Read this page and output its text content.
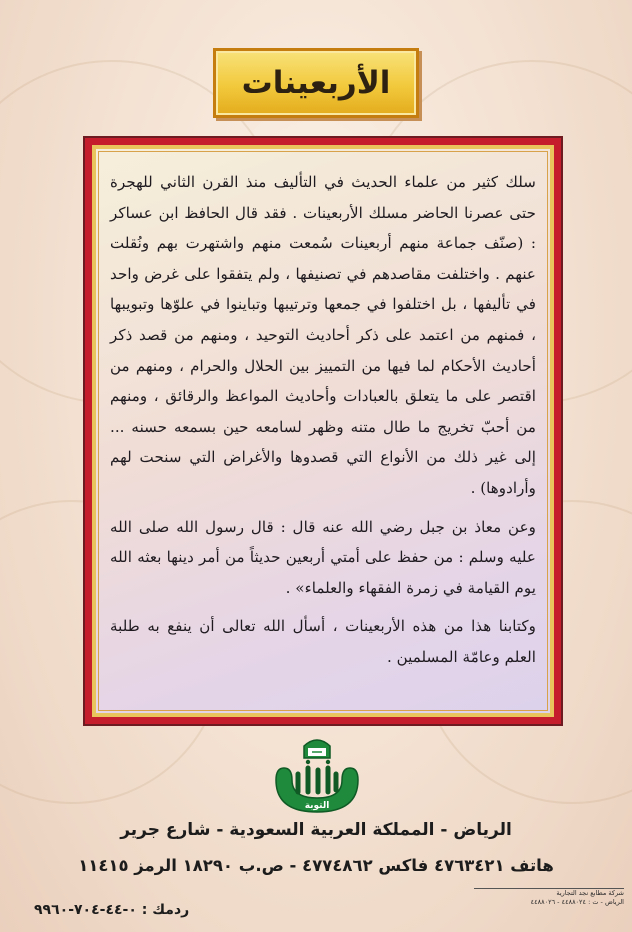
الأربعينات

سلك كثير من علماء الحديث في التأليف منذ القرن الثاني للهجرة حتى عصرنا الحاضر مسلك الأربعينات . فقد قال الحافظ ابن عساكر : (صنّف جماعة منهم أربعينات سُمعت منهم واشتهرت بهم ونُقلت عنهم . واختلفت مقاصدهم في تصنيفها ، ولم يتفقوا على غرض واحد في تأليفها ، بل اختلفوا في جمعها وترتيبها وتباينوا في علوّها وتبويبها ، فمنهم من اعتمد على ذكر أحاديث التوحيد ، ومنهم من قصد ذكر أحاديث الأحكام لما فيها من التمييز بين الحلال والحرام ، ومنهم من اقتصر على ما يتعلق بالعبادات وأحاديث المواعظ والرقائق ، ومنهم من أحبّ تخريج ما طال متنه وظهر لسامعه حين بسمعه حسنه ... إلى غير ذلك من الأنواع التي قصدوها والأغراض التي سنحت لهم وأرادوها) .

وعن معاذ بن جبل رضي الله عنه قال : قال رسول الله صلى الله عليه وسلم : من حفظ على أمتي أربعين حديثاً من أمر دينها بعثه الله يوم القيامة في زمرة الفقهاء والعلماء» .

وكتابنا هذا من هذه الأربعينات ، أسأل الله تعالى أن ينفع به طلبة العلم وعامّة المسلمين .

التوبة
الرياض - المملكة العربية السعودية - شارع جرير
هاتف ٤٧٦٣٤٢١ فاكس ٤٧٧٤٨٦٢ - ص.ب ١٨٢٩٠ الرمز ١١٤١٥
ردمك : ٠-٤٤-٧٠٤-٩٩٦٠
شركة مطابع نجد التجارية
الرياض - ت : ٤٤٨٨٠٢٤ - ٤٤٨٨٠٢٦
